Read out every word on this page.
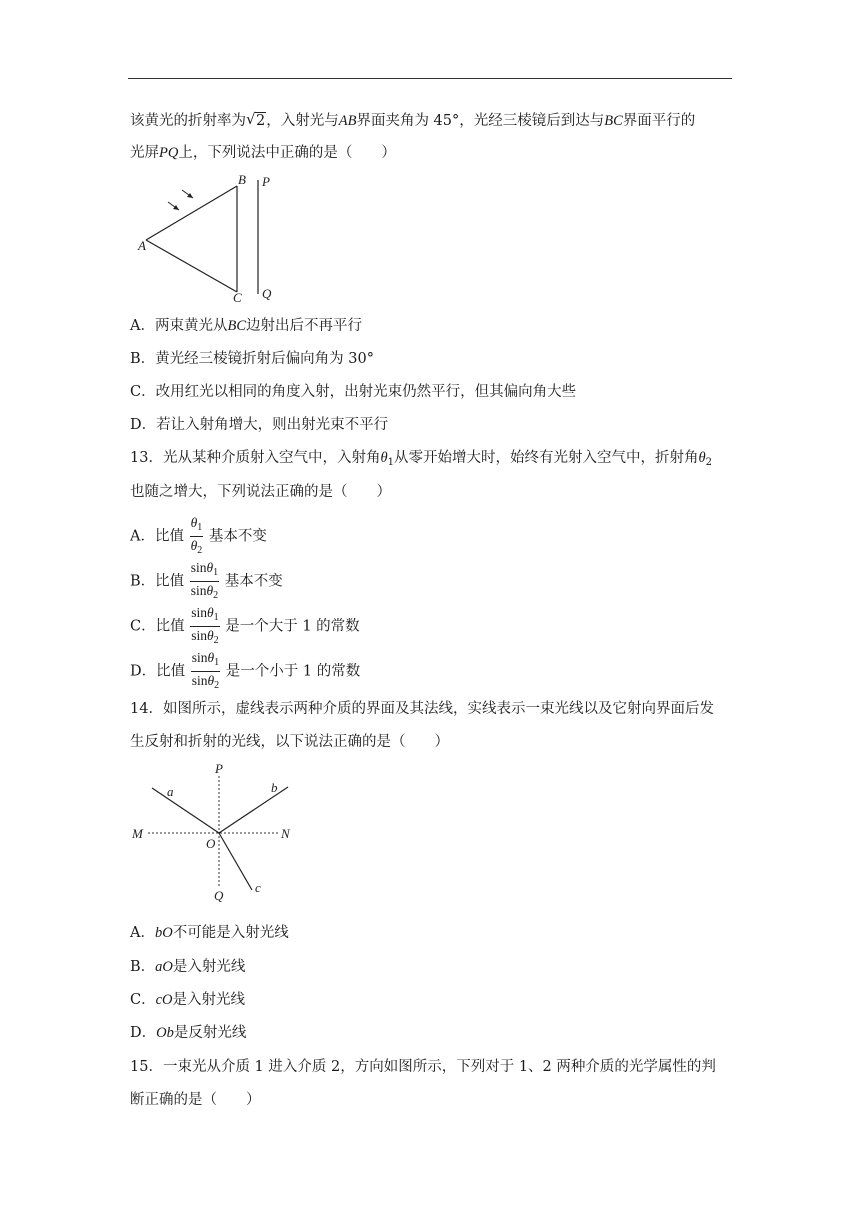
该黄光的折射率为 √ 2，入射光与AB界面夹角为 45°，光经三棱镜后到达与BC界面平行的
光屏PQ上，下列说法中正确的是（　　）
A
B
C
P
Q
A．两束黄光从BC边射出后不再平行
B．黄光经三棱镜折射后偏向角为 30°
C．改用红光以相同的角度入射，出射光束仍然平行，但其偏向角大些
D．若让入射角增大，则出射光束不平行
13．光从某种介质射入空气中，入射角$\theta_1$从零开始增大时，始终有光射入空气中，折射角$\theta_2$
也随之增大，下列说法正确的是（　　）
A．比值 $\frac{\theta_1}{\theta_2}$ 基本不变
B．比值 $\frac{\sin\theta_1}{\sin\theta_2}$ 基本不变
C．比值 $\frac{\sin\theta_1}{\sin\theta_2}$ 是一个大于 1 的常数
D．比值 $\frac{\sin\theta_1}{\sin\theta_2}$ 是一个小于 1 的常数
14．如图所示，虚线表示两种介质的界面及其法线，实线表示一束光线以及它射向界面后发
生反射和折射的光线，以下说法正确的是（　　）
P
a	b
M	N
O
Q
c
A．bO不可能是入射光线
B．aO是入射光线
C．cO是入射光线
D．Ob是反射光线
15．一束光从介质 1 进入介质 2，方向如图所示，下列对于 1、2 两种介质的光学属性的判
断正确的是（　　）
